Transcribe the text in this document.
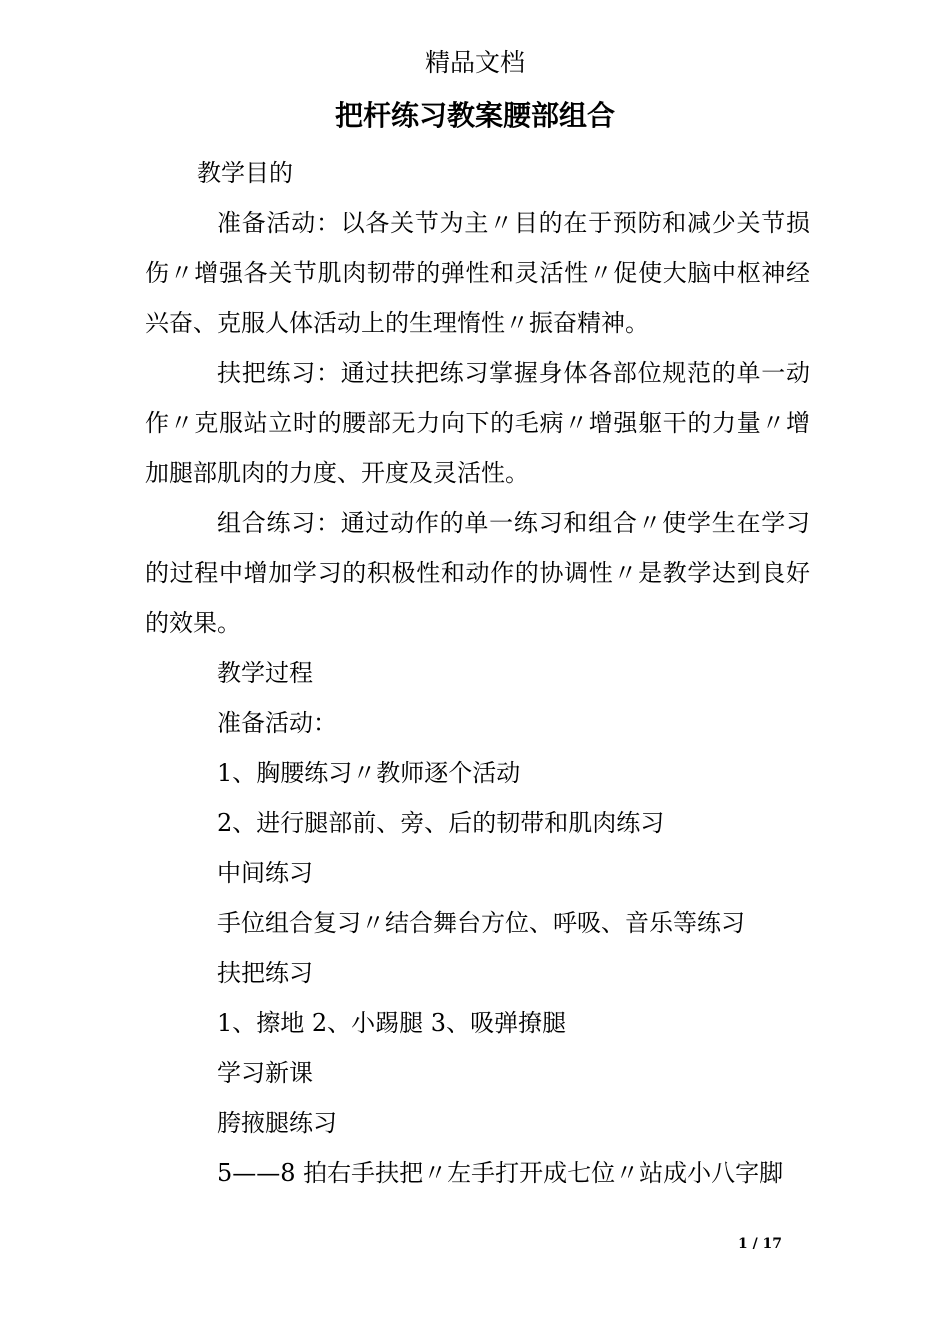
精品文档
把杆练习教案腰部组合

教学目的

准备活动：以各关节为主〃目的在于预防和减少关节损伤〃增强各关节肌肉韧带的弹性和灵活性〃促使大脑中枢神经兴奋、克服人体活动上的生理惰性〃振奋精神。

扶把练习：通过扶把练习掌握身体各部位规范的单一动作〃克服站立时的腰部无力向下的毛病〃增强躯干的力量〃增加腿部肌肉的力度、开度及灵活性。

组合练习：通过动作的单一练习和组合〃使学生在学习的过程中增加学习的积极性和动作的协调性〃是教学达到良好的效果。

教学过程

准备活动：

1、胸腰练习〃教师逐个活动

2、进行腿部前、旁、后的韧带和肌肉练习

中间练习

手位组合复习〃结合舞台方位、呼吸、音乐等练习

扶把练习

1、擦地 2、小踢腿 3、吸弹撩腿

学习新课

胯掖腿练习

5——8 拍右手扶把〃左手打开成七位〃站成小八字脚

1 / 17
